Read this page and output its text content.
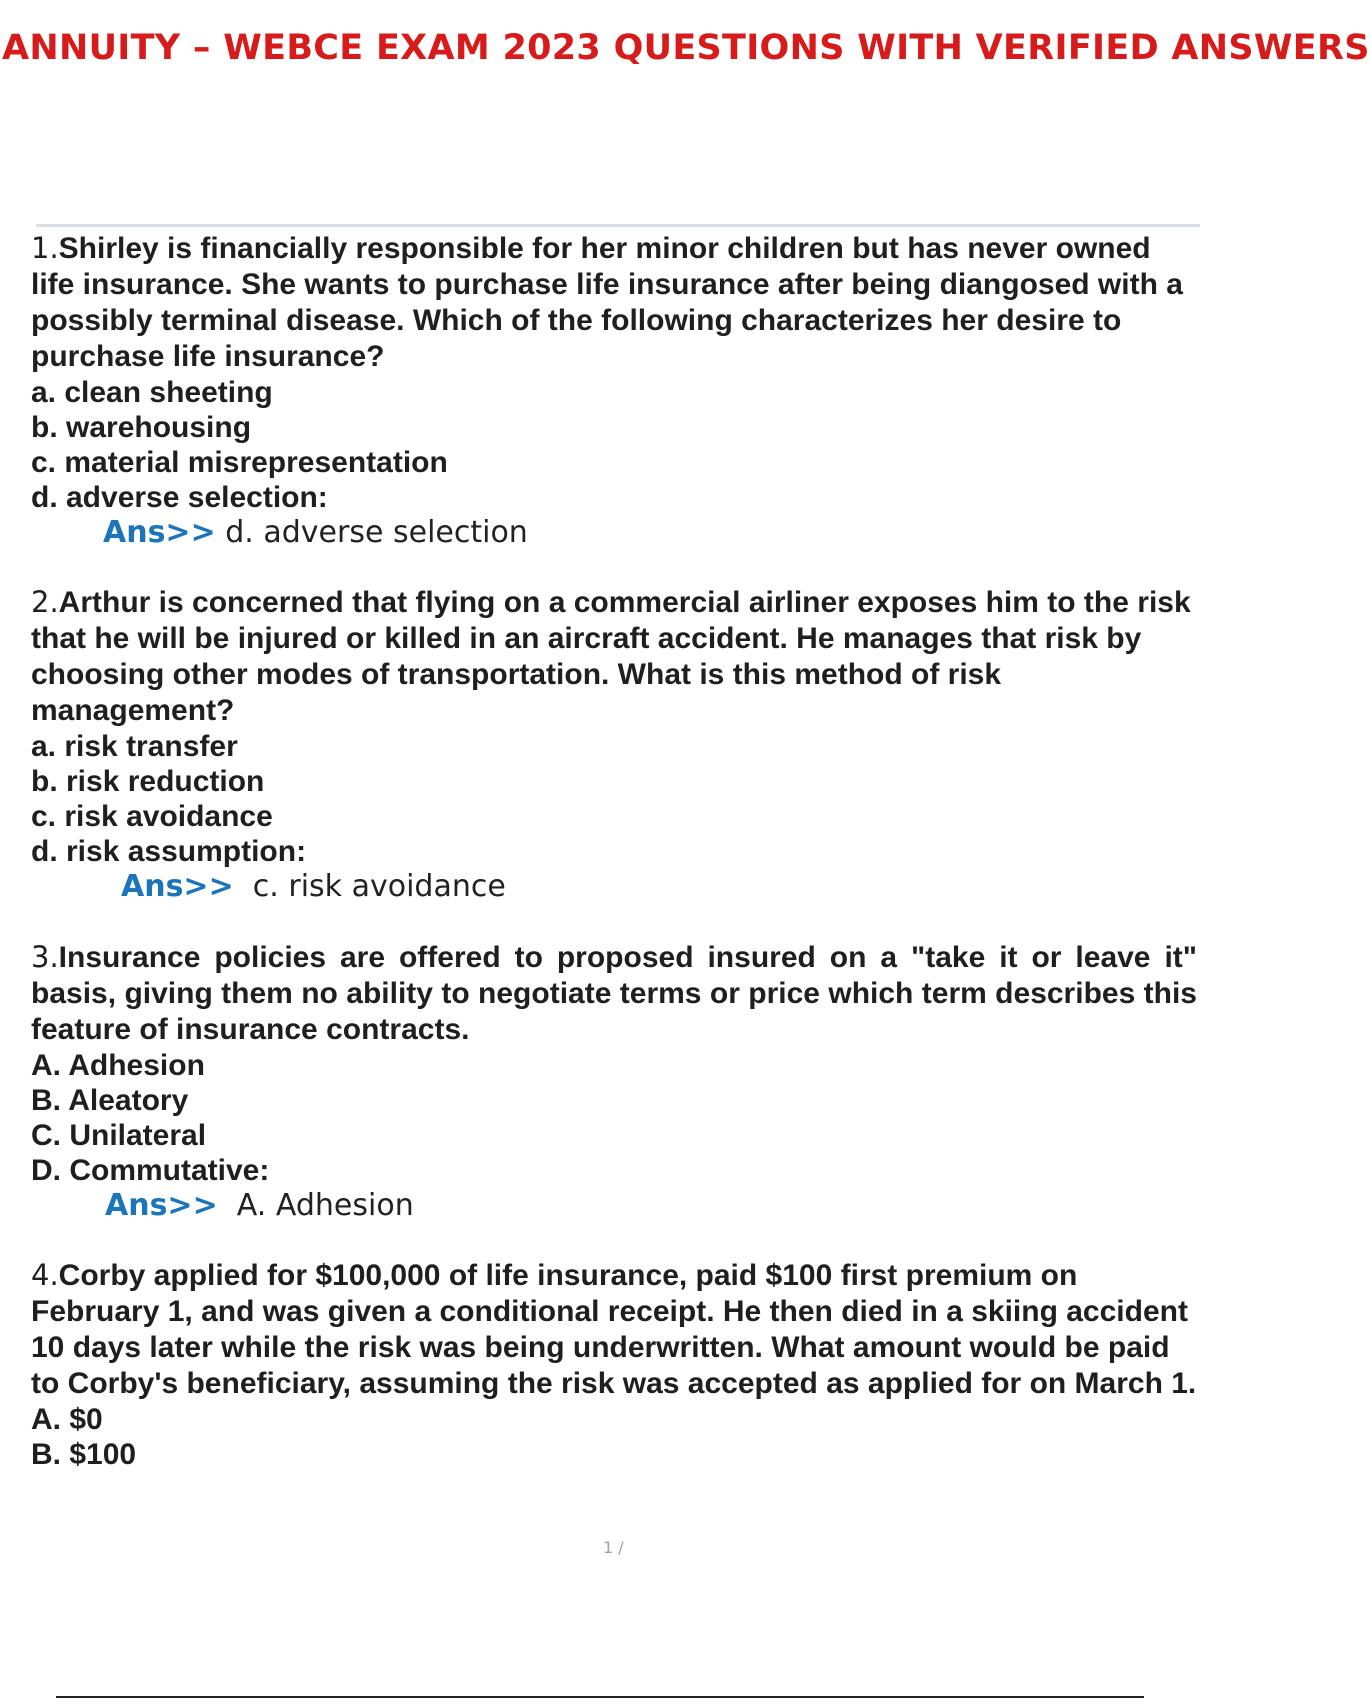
ANNUITY – WEBCE EXAM 2023 QUESTIONS WITH VERIFIED ANSWERS

1.Shirley is financially responsible for her minor children but has never owned life insurance. She wants to purchase life insurance after being diangosed with a possibly terminal disease. Which of the following characterizes her desire to purchase life insurance?

a. clean sheeting

b. warehousing

c. material misrepresentation

d. adverse selection:

Ans>> d. adverse selection

2.Arthur is concerned that flying on a commercial airliner exposes him to the risk that he will be injured or killed in an aircraft accident. He manages that risk by choosing other modes of transportation. What is this method of risk management?

a. risk transfer

b. risk reduction

c. risk avoidance

d. risk assumption:

Ans>> c. risk avoidance

3.Insurance policies are offered to proposed insured on a "take it or leave it" basis, giving them no ability to negotiate terms or price which term describes this feature of insurance contracts.

A. Adhesion

B. Aleatory

C. Unilateral

D. Commutative:

Ans>> A. Adhesion

4.Corby applied for $100,000 of life insurance, paid $100 first premium on February 1, and was given a conditional receipt. He then died in a skiing accident 10 days later while the risk was being underwritten. What amount would be paid to Corby's beneficiary, assuming the risk was accepted as applied for on March 1.

A. $0

B. $100

1 /
